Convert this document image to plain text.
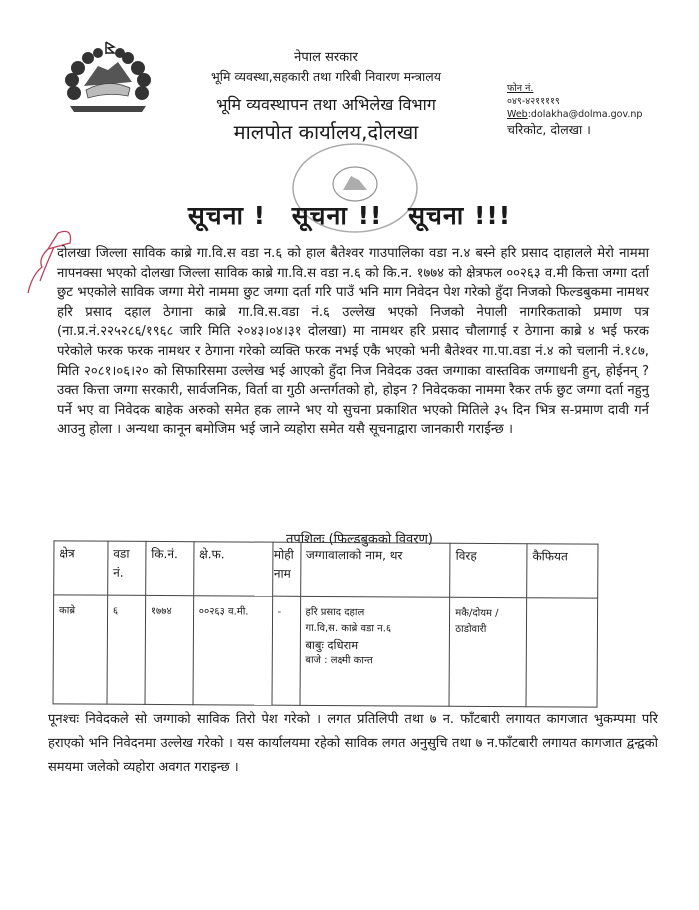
नेपाल सरकार
भूमि व्यवस्था,सहकारी तथा गरिबी निवारण मन्त्रालय
भूमि व्यवस्थापन तथा अभिलेख विभाग
मालपोत कार्यालय,दोलखा
फोन नं.
०४९-४२११११९
Web:dolakha@dolma.gov.np
चरिकोट, दोलखा ।
सूचना ! सूचना !! सूचना !!!
दोलखा जिल्ला साविक काब्रे गा.वि.स वडा न.६ को हाल बैतेश्वर गाउपालिका वडा न.४ बस्ने हरि प्रसाद दाहालले मेरो नाममा नापनक्सा भएको दोलखा जिल्ला साविक काब्रे गा.वि.स वडा न.६ को कि.न. १७७४ को क्षेत्रफल ००२६३ व.मी कित्ता जग्गा दर्ता छुट भएकोले साविक जग्गा मेरो नाममा छुट जग्गा दर्ता गरि पाउँ भनि माग निवेदन पेश गरेको हुँदा निजको फिल्डबुकमा नामथर हरि प्रसाद दहाल ठेगाना काब्रे गा.वि.स.वडा नं.६ उल्लेख भएको निजको नेपाली नागरिकताको प्रमाण पत्र (ना.प्र.नं.२२५२८६/१९६८ जारि मिति २०४३।०४।३१ दोलखा) मा नामथर हरि प्रसाद चौलागाई र ठेगाना काब्रे ४ भई फरक परेकोले फरक फरक नामथर र ठेगाना गरेको व्यक्ति फरक नभई एकै भएको भनी बैतेश्वर गा.पा.वडा नं.४ को चलानी नं.१८७, मिति २०८१।०६।२० को सिफारिसमा उल्लेख भई आएको हुँदा निज निवेदक उक्त जग्गाका वास्तविक जग्गाधनी हुन्, होईनन् ? उक्त कित्ता जग्गा सरकारी, सार्वजनिक, विर्ता वा गुठी अन्तर्गतको हो, होइन ? निवेदकका नाममा रैकर तर्फ छुट जग्गा दर्ता नहुनु पर्ने भए वा निवेदक बाहेक अरुको समेत हक लाग्ने भए यो सुचना प्रकाशित भएको मितिले ३५ दिन भित्र स-प्रमाण दावी गर्न आउनु होला । अन्यथा कानून बमोजिम भई जाने व्यहोरा समेत यसै सूचनाद्वारा जानकारी गराईन्छ ।
तपशिलः (फिल्डबुकको विवरण)
क्षेत्र	वडा नं.	कि.नं.	क्षे.फ.	मोही नाम	जग्गावालाको नाम, थर	विरह	कैफियत
काब्रे	६	१७७४	००२६३ व.मी.	-	हरि प्रसाद दहाल
गा.वि,स. काब्रे वडा न.६
बाबुः दधिराम
बाजे : लक्ष्मी कान्त	मकै/दोयम /ठाडोवारी	
पूनश्चः निवेदकले सो जग्गाको साविक तिरो पेश गरेको । लगत प्रतिलिपी तथा ७ न. फाँटबारी लगायत कागजात भुकम्पमा परि हराएको भनि निवेदनमा उल्लेख गरेको । यस कार्यालयमा रहेको साविक लगत अनुसुचि तथा ७ न.फाँटबारी लगायत कागजात द्वन्द्वको समयमा जलेको व्यहोरा अवगत गराइन्छ ।
